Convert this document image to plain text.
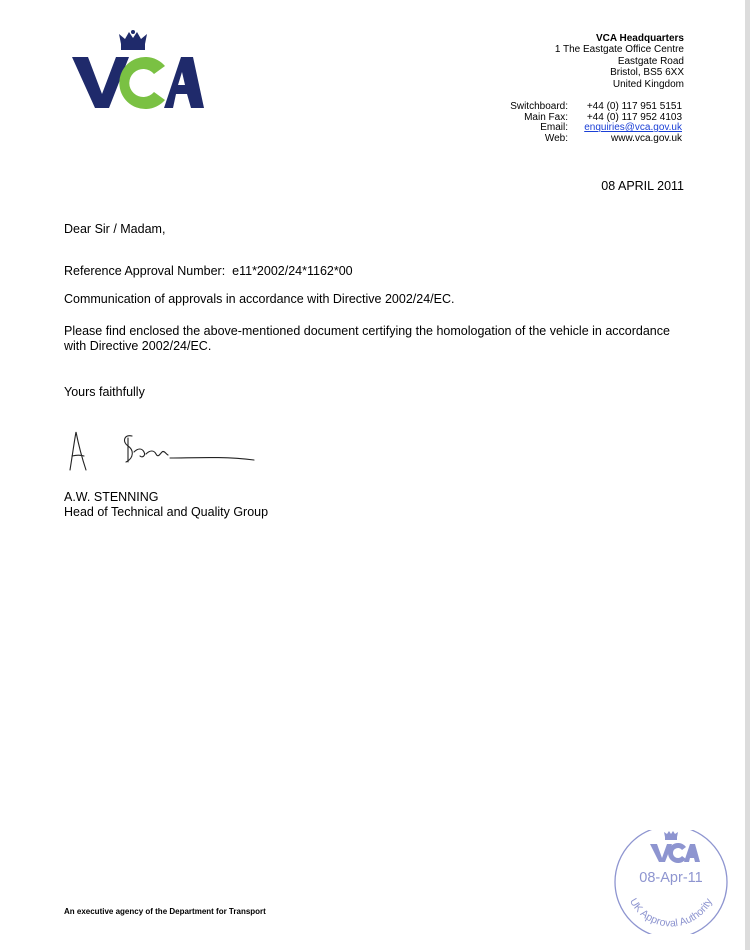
VCA Headquarters
1 The Eastgate Office Centre
Eastgate Road
Bristol, BS5 6XX
United Kingdom
Switchboard:	+44 (0) 117 951 5151
Main Fax:	+44 (0) 117 952 4103
Email:	enquiries@vca.gov.uk
Web:	www.vca.gov.uk
08 APRIL 2011
Dear Sir / Madam,
Reference Approval Number:  e11*2002/24*1162*00
Communication of approvals in accordance with Directive 2002/24/EC.
Please find enclosed the above-mentioned document certifying the homologation of the vehicle in accordance with Directive 2002/24/EC.
Yours faithfully
A.W. STENNING
Head of Technical and Quality Group
An executive agency of the Department for Transport
08-Apr-11
UK Approval Authority
